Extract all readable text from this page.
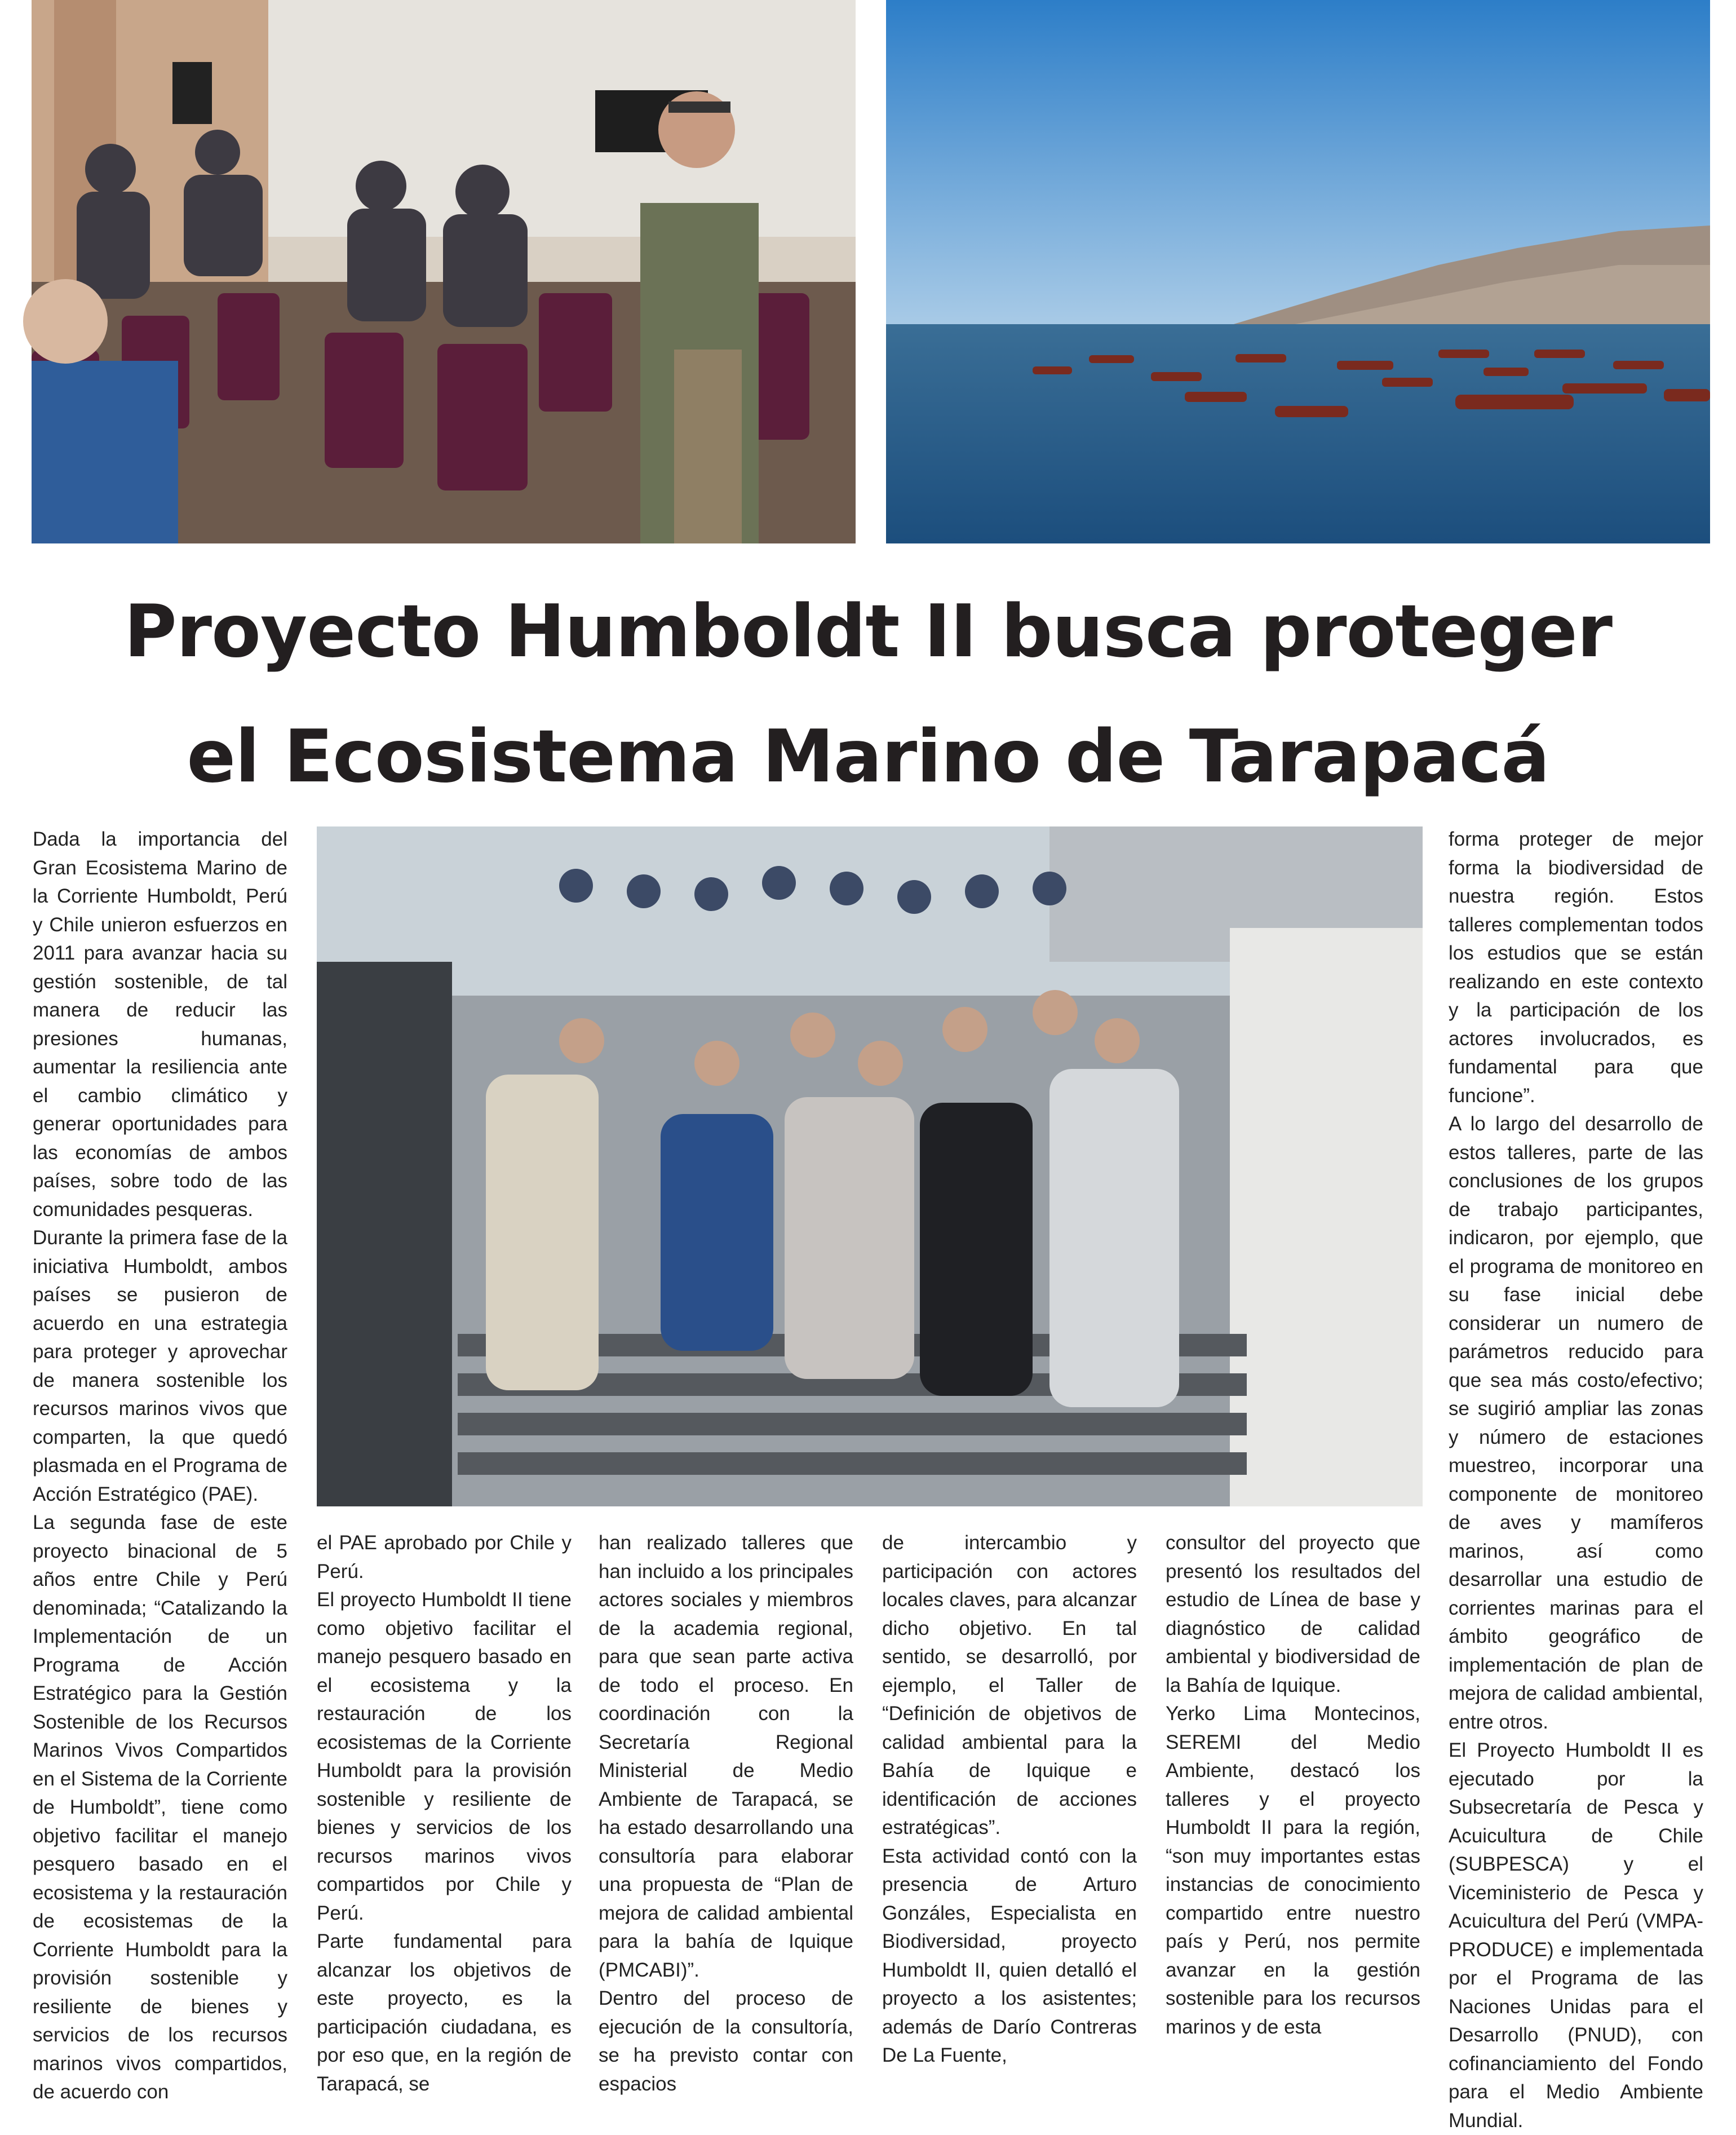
Proyecto Humboldt II busca proteger
el Ecosistema Marino de Tarapacá

Dada la importancia del Gran Ecosistema Marino de la Corriente Humboldt, Perú y Chile unieron esfuerzos en 2011 para avanzar hacia su gestión sostenible, de tal manera de reducir las presiones humanas, aumentar la resiliencia ante el cambio climático y generar oportunidades para las economías de ambos países, sobre todo de las comunidades pesqueras.

Durante la primera fase de la iniciativa Humboldt, ambos países se pusieron de acuerdo en una estrategia para proteger y aprovechar de manera sostenible los recursos marinos vivos que comparten, la que quedó plasmada en el Programa de Acción Estratégico (PAE).

La segunda fase de este proyecto binacional de 5 años entre Chile y Perú denominada; “Catalizando la Implementación de un Programa de Acción Estratégico para la Gestión Sostenible de los Recursos Marinos Vivos Compartidos en el Sistema de la Corriente de Humboldt”, tiene como objetivo facilitar el manejo pesquero basado en el ecosistema y la restauración de ecosistemas de la Corriente Humboldt para la provisión sostenible y resiliente de bienes y servicios de los recursos marinos vivos compartidos, de acuerdo con

el PAE aprobado por Chile y Perú.

El proyecto Humboldt II tiene como objetivo facilitar el manejo pesquero basado en el ecosistema y la restauración de los ecosistemas de la Corriente Humboldt para la provisión sostenible y resiliente de bienes y servicios de los recursos marinos vivos compartidos por Chile y Perú.

Parte fundamental para alcanzar los objetivos de este proyecto, es la participación ciudadana, es por eso que, en la región de Tarapacá, se

han realizado talleres que han incluido a los principales actores sociales y miembros de la academia regional, para que sean parte activa de todo el proceso. En coordinación con la Secretaría Regional Ministerial de Medio Ambiente de Tarapacá, se ha estado desarrollando una consultoría para elaborar una propuesta de “Plan de mejora de calidad ambiental para la bahía de Iquique (PMCABI)”.

Dentro del proceso de ejecución de la consultoría, se ha previsto contar con espacios

de intercambio y participación con actores locales claves, para alcanzar dicho objetivo. En tal sentido, se desarrolló, por ejemplo, el Taller de “Definición de objetivos de calidad ambiental para la Bahía de Iquique e identificación de acciones estratégicas”.

Esta actividad contó con la presencia de Arturo Gonzáles, Especialista en Biodiversidad, proyecto Humboldt II, quien detalló el proyecto a los asistentes; además de Darío Contreras De La Fuente,

consultor del proyecto que presentó los resultados del estudio de Línea de base y diagnóstico de calidad ambiental y biodiversidad de la Bahía de Iquique.

Yerko Lima Montecinos, SEREMI del Medio Ambiente, destacó los talleres y el proyecto Humboldt II para la región, “son muy importantes estas instancias de conocimiento compartido entre nuestro país y Perú, nos permite avanzar en la gestión sostenible para los recursos marinos y de esta

forma proteger de mejor forma la biodiversidad de nuestra región. Estos talleres complementan todos los estudios que se están realizando en este contexto y la participación de los actores involucrados, es fundamental para que funcione”.

A lo largo del desarrollo de estos talleres, parte de las conclusiones de los grupos de trabajo participantes, indicaron, por ejemplo, que el programa de monitoreo en su fase inicial debe considerar un numero de parámetros reducido para que sea más costo/efectivo; se sugirió ampliar las zonas y número de estaciones muestreo, incorporar una componente de monitoreo de aves y mamíferos marinos, así como desarrollar una estudio de corrientes marinas para el ámbito geográfico de implementación de plan de mejora de calidad ambiental, entre otros.

El Proyecto Humboldt II es ejecutado por la Subsecretaría de Pesca y Acuicultura de Chile (SUBPESCA) y el Viceministerio de Pesca y Acuicultura del Perú (VMPA-PRODUCE) e implementada por el Programa de las Naciones Unidas para el Desarrollo (PNUD), con cofinanciamiento del Fondo para el Medio Ambiente Mundial.
